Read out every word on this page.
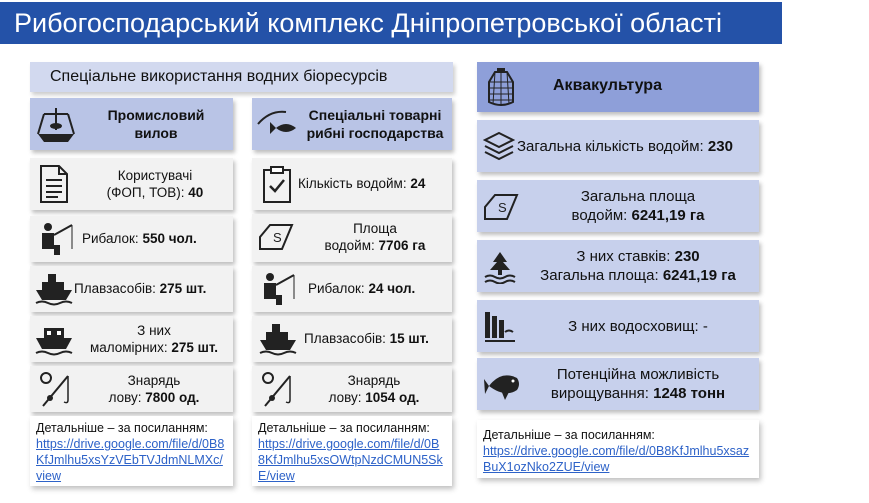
Рибогосподарський комплекс Дніпропетровської області
Спеціальне використання водних біоресурсів
Промисловий вилов
Користувачі
(ФОП, ТОВ): 40
Рибалок: 550 чол.
Плавзасобів: 275 шт.
З них
маломірних: 275 шт.
Знарядь
лову: 7800 од.
Детальніше – за посиланням:
https://drive.google.com/file/d/0B8KfJmlhu5xsYzVEbTVJdmNLMXc/view
Спеціальні товарні рибні господарства
Кількість водойм: 24
S
Площа
водойм: 7706 га
Рибалок: 24 чол.
Плавзасобів: 15 шт.
Знарядь
лову: 1054 од.
Детальніше – за посиланням:
https://drive.google.com/file/d/0B8KfJmlhu5xsOWtpNzdCMUN5SkE/view
Аквакультура
Загальна кількість водойм: 230
S
Загальна площа
водойм: 6241,19 га
З них ставків: 230
Загальна площа: 6241,19 га
З них водосховищ: -
Потенційна можливість
вирощування: 1248 тонн
Детальніше – за посиланням:
https://drive.google.com/file/d/0B8KfJmlhu5xsazBuX1ozNko2ZUE/view
